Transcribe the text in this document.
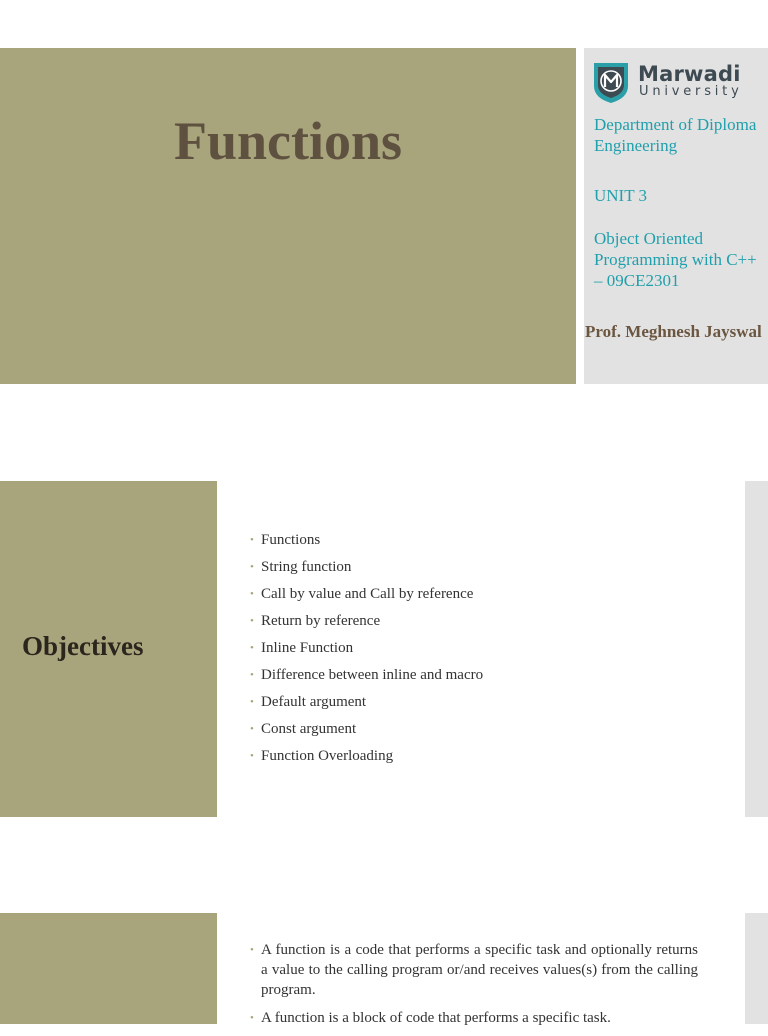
Functions
Marwadi
University
Department of Diploma Engineering
UNIT 3
Object Oriented Programming with C++ – 09CE2301
Prof. Meghnesh Jayswal
Objectives
• Functions
• String function
• Call by value and Call by reference
• Return by reference
• Inline Function
• Difference between inline and macro
• Default argument
• Const argument
• Function Overloading
• A function is a code that performs a specific task and optionally returns a value to the calling program or/and receives values(s) from the calling program.
• A function is a block of code that performs a specific task.
